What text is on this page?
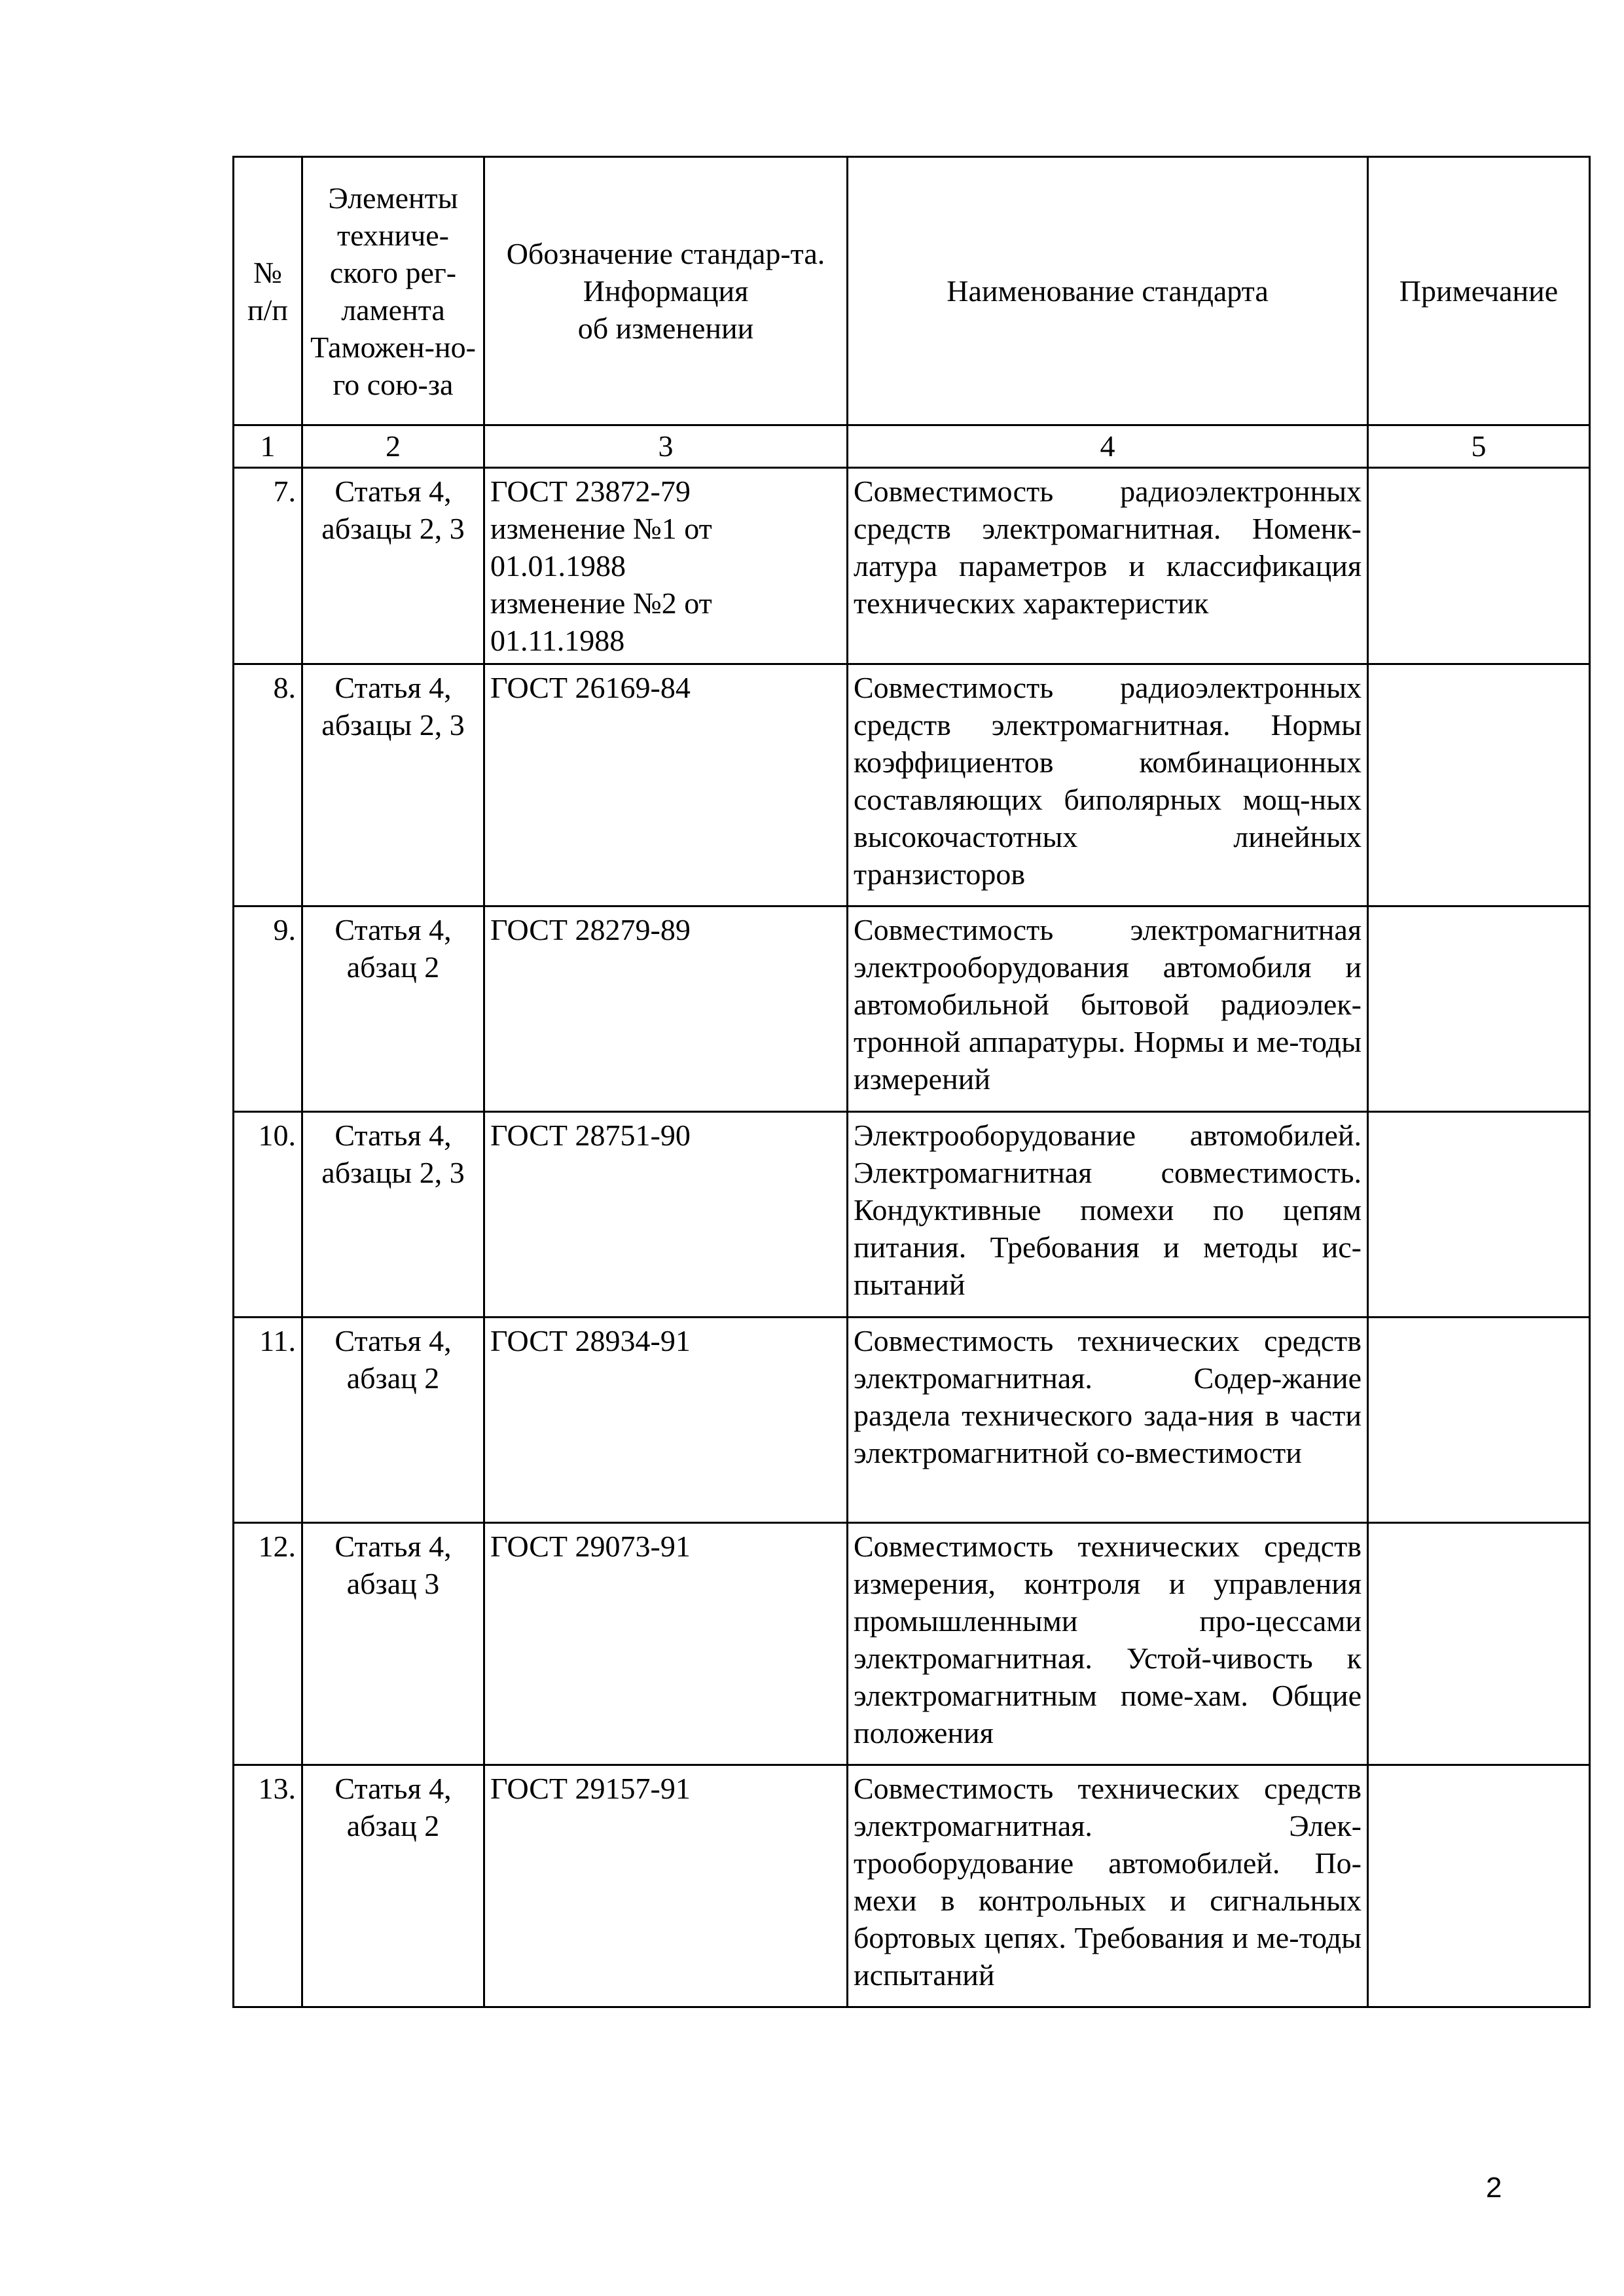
№ п/п	Элементы техниче-ского рег-ламента Таможен-но-го сою-за	Обозначение стандар-та.
Информация
об изменении	Наименование стандарта	Примечание
1	2	3	4	5
7.	Статья 4, абзацы 2, 3	ГОСТ 23872-79
изменение №1 от 01.01.1988
изменение №2 от 01.11.1988	Совместимость радиоэлектронных средств электромагнитная. Номенк-латура параметров и классификация технических характеристик	
8.	Статья 4, абзацы 2, 3	ГОСТ 26169-84	Совместимость радиоэлектронных средств электромагнитная. Нормы коэффициентов комбинационных составляющих биполярных мощ-ных высокочастотных линейных транзисторов	
9.	Статья 4, абзац 2	ГОСТ 28279-89	Совместимость электромагнитная электрооборудования автомобиля и автомобильной бытовой радиоэлек-тронной аппаратуры. Нормы и ме-тоды измерений	
10.	Статья 4, абзацы 2, 3	ГОСТ 28751-90	Электрооборудование автомобилей. Электромагнитная совместимость. Кондуктивные помехи по цепям питания. Требования и методы ис-пытаний	
11.	Статья 4, абзац 2	ГОСТ 28934-91	Совместимость технических средств электромагнитная. Содер-жание раздела технического зада-ния в части электромагнитной со-вместимости	
12.	Статья 4, абзац 3	ГОСТ 29073-91	Совместимость технических средств измерения, контроля и управления промышленными про-цессами электромагнитная. Устой-чивость к электромагнитным поме-хам. Общие положения	
13.	Статья 4, абзац 2	ГОСТ 29157-91	Совместимость технических средств электромагнитная. Элек-трооборудование автомобилей. По-мехи в контрольных и сигнальных бортовых цепях. Требования и ме-тоды испытаний	
2
